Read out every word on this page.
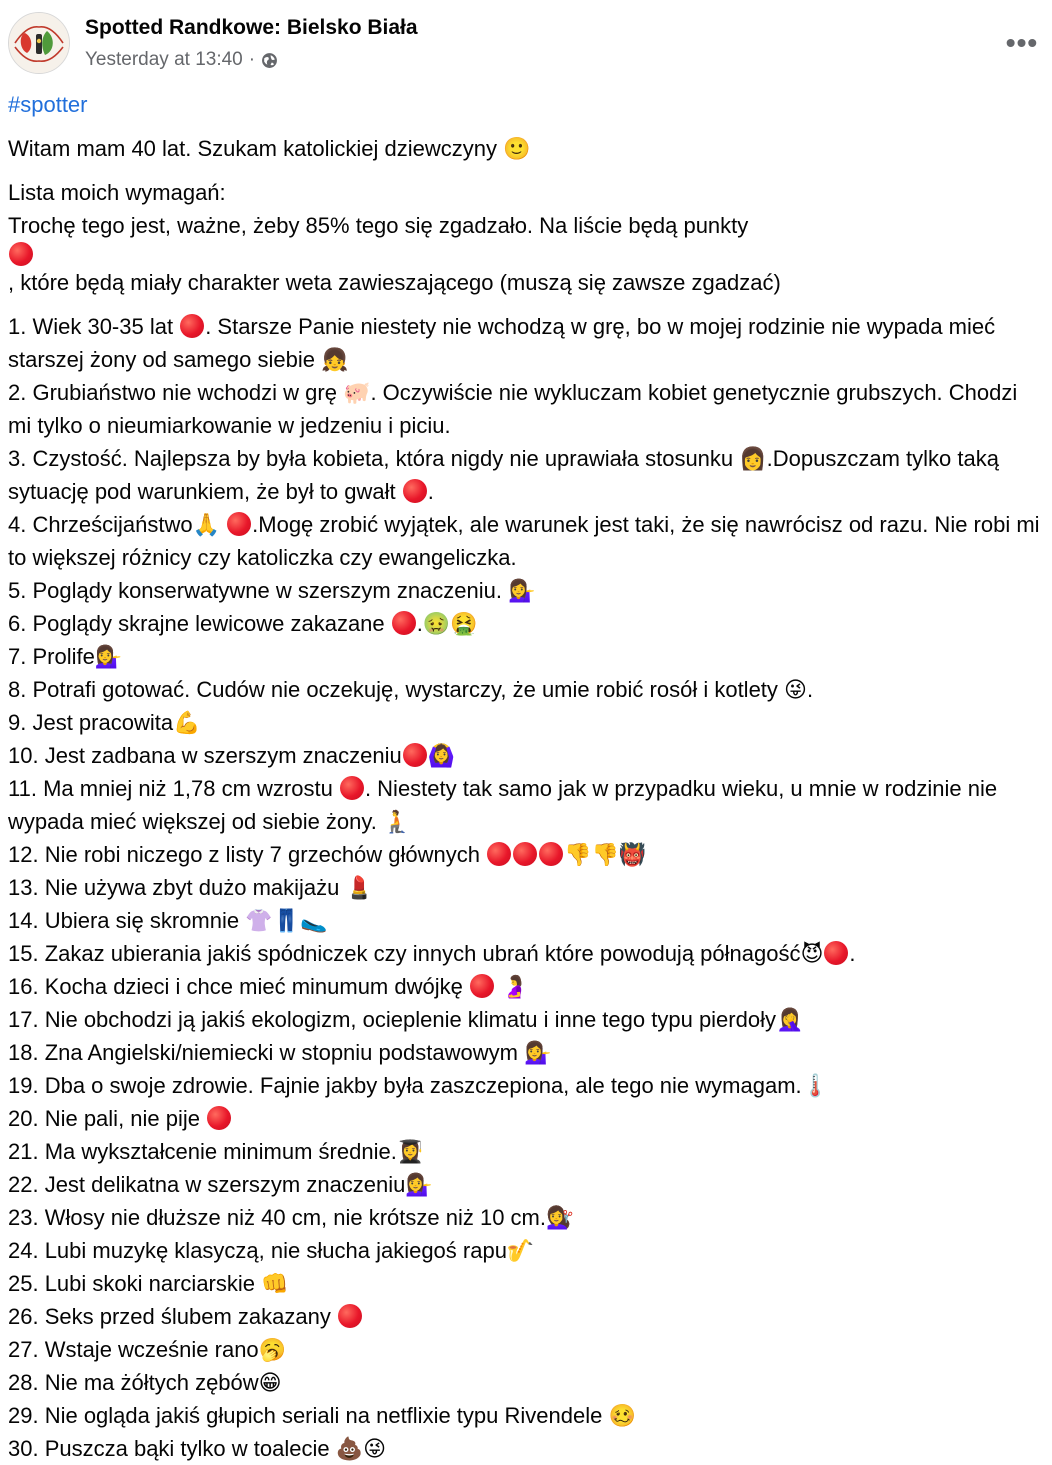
Spotted Randkowe: Bielsko Biała
Yesterday at 13:40 ·
•••
#spotter
Witam mam 40 lat. Szukam katolickiej dziewczyny 🙂
Lista moich wymagań:
Trochę tego jest, ważne, żeby 85% tego się zgadzało. Na liście będą punkty
, które będą miały charakter weta zawieszającego (muszą się zawsze zgadzać)
1. Wiek 30-35 lat . Starsze Panie niestety nie wchodzą w grę, bo w mojej rodzinie nie wypada mieć starszej żony od samego siebie 👧
2. Grubiaństwo nie wchodzi w grę 🐖. Oczywiście nie wykluczam kobiet genetycznie grubszych. Chodzi mi tylko o nieumiarkowanie w jedzeniu i piciu.
3. Czystość. Najlepsza by była kobieta, która nigdy nie uprawiała stosunku 👩.Dopuszczam tylko taką sytuację pod warunkiem, że był to gwałt .
4. Chrześcijaństwo🙏 .Mogę zrobić wyjątek, ale warunek jest taki, że się nawrócisz od razu. Nie robi mi to większej różnicy czy katoliczka czy ewangeliczka.
5. Poglądy konserwatywne w szerszym znaczeniu. 💁‍♀️
6. Poglądy skrajne lewicowe zakazane .🤢🤮
7. Prolife💁‍♀️
8. Potrafi gotować. Cudów nie oczekuję, wystarczy, że umie robić rosół i kotlety 😜.
9. Jest pracowita💪
10. Jest zadbana w szerszym znaczeniu 🙆‍♀️
11. Ma mniej niż 1,78 cm wzrostu . Niestety tak samo jak w przypadku wieku, u mnie w rodzinie nie wypada mieć większej od siebie żony. 🧎
12. Nie robi niczego z listy 7 grzechów głównych	👎👎👹
13. Nie używa zbyt dużo makijażu 💄
14. Ubiera się skromnie 👚👖🥿
15. Zakaz ubierania jakiś spódniczek czy innych ubrań które powodują półnagość😈 .
16. Kocha dzieci i chce mieć minumum dwójkę  🤰
17. Nie obchodzi ją jakiś ekologizm, ocieplenie klimatu i inne tego typu pierdoły🤦‍♀️
18. Zna Angielski/niemiecki w stopniu podstawowym 💁‍♀️
19. Dba o swoje zdrowie. Fajnie jakby była zaszczepiona, ale tego nie wymagam.🌡️
20. Nie pali, nie pije
21. Ma wykształcenie minimum średnie.👩‍🎓
22. Jest delikatna w szerszym znaczeniu💁‍♀️
23. Włosy nie dłuższe niż 40 cm, nie krótsze niż 10 cm.💇‍♀️
24. Lubi muzykę klasyczą, nie słucha jakiegoś rapu🎷
25. Lubi skoki narciarskie 👊
26. Seks przed ślubem zakazany
27. Wstaje wcześnie rano🥱
28. Nie ma żółtych zębów😁
29. Nie ogląda jakiś głupich seriali na netflixie typu Rivendele 🥴
30. Puszcza bąki tylko w toalecie 💩😜
